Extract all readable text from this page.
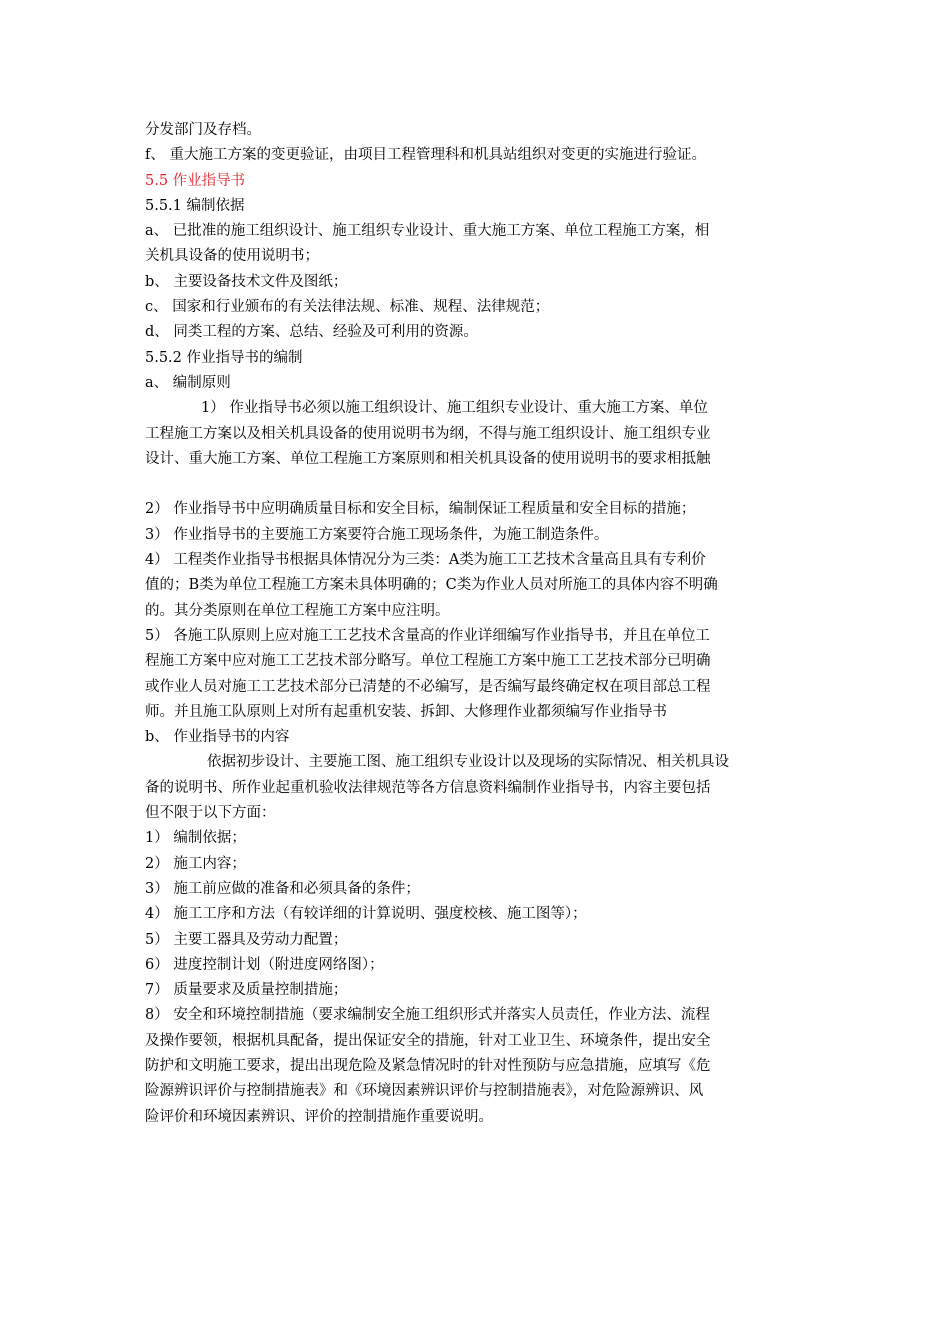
分发部门及存档。
f、 重大施工方案的变更验证，由项目工程管理科和机具站组织对变更的实施进行验证。
5.5 作业指导书
5.5.1 编制依据
a、 已批准的施工组织设计、施工组织专业设计、重大施工方案、单位工程施工方案，相
关机具设备的使用说明书；
b、 主要设备技术文件及图纸；
c、 国家和行业颁布的有关法律法规、标准、规程、法律规范；
d、 同类工程的方案、总结、经验及可利用的资源。
5.5.2 作业指导书的编制
a、 编制原则
1） 作业指导书必须以施工组织设计、施工组织专业设计、重大施工方案、单位
工程施工方案以及相关机具设备的使用说明书为纲，不得与施工组织设计、施工组织专业
设计、重大施工方案、单位工程施工方案原则和相关机具设备的使用说明书的要求相抵触
2） 作业指导书中应明确质量目标和安全目标，编制保证工程质量和安全目标的措施；
3） 作业指导书的主要施工方案要符合施工现场条件，为施工制造条件。
4） 工程类作业指导书根据具体情况分为三类：A类为施工工艺技术含量高且具有专利价
值的；B类为单位工程施工方案未具体明确的；C类为作业人员对所施工的具体内容不明确
的。其分类原则在单位工程施工方案中应注明。
5） 各施工队原则上应对施工工艺技术含量高的作业详细编写作业指导书，并且在单位工
程施工方案中应对施工工艺技术部分略写。单位工程施工方案中施工工艺技术部分已明确
或作业人员对施工工艺技术部分已清楚的不必编写，是否编写最终确定权在项目部总工程
师。并且施工队原则上对所有起重机安装、拆卸、大修理作业都须编写作业指导书
b、 作业指导书的内容
依据初步设计、主要施工图、施工组织专业设计以及现场的实际情况、相关机具设
备的说明书、所作业起重机验收法律规范等各方信息资料编制作业指导书，内容主要包括
但不限于以下方面：
1） 编制依据；
2） 施工内容；
3） 施工前应做的准备和必须具备的条件；
4） 施工工序和方法（有较详细的计算说明、强度校核、施工图等）；
5） 主要工器具及劳动力配置；
6） 进度控制计划（附进度网络图）；
7） 质量要求及质量控制措施；
8） 安全和环境控制措施（要求编制安全施工组织形式并落实人员责任，作业方法、流程
及操作要领，根据机具配备，提出保证安全的措施，针对工业卫生、环境条件，提出安全
防护和文明施工要求，提出出现危险及紧急情况时的针对性预防与应急措施，应填写《危
险源辨识评价与控制措施表》和《环境因素辨识评价与控制措施表》，对危险源辨识、风
险评价和环境因素辨识、评价的控制措施作重要说明。
